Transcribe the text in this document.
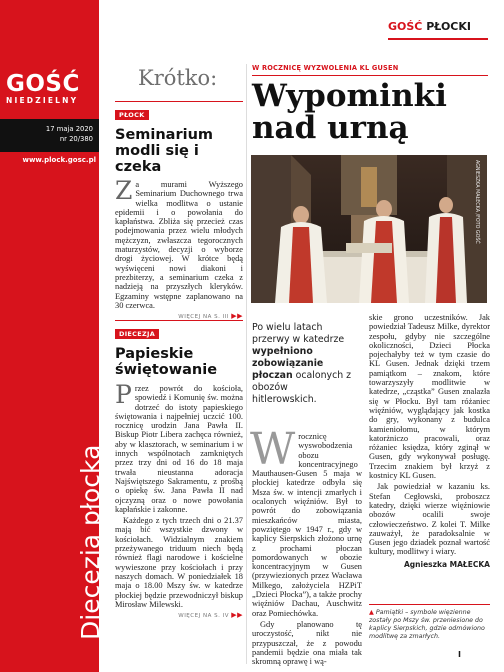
GOŚĆ
NIEDZIELNY
17 maja 2020
nr 20/380
www.plock.gosc.pl
Diecezja płocka
GOŚĆ PŁOCKI
Krótko:
PŁOCK
Seminarium modli się i czeka
Za murami Wyższego Seminarium Duchownego trwa wielka modlitwa o ustanie epidemii i o powołania do kapłaństwa. Zbliża się przecież czas podejmowania przez wielu młodych mężczyzn, zwłaszcza tegorocznych maturzystów, decyzji o wyborze drogi życiowej. W krótce będą wyświęceni nowi diakoni i prezbiterzy, a seminarium czeka z nadzieją na przyszłych kleryków. Egzaminy wstępne zaplanowano na 30 czerwca.
WIĘCEJ NA S. III ▶▶
DIECEZJA
Papieskie świętowanie

Przez powrót do kościoła, spowiedź i Komunię św. można dotrzeć do istoty papieskiego świętowania i najpełniej uczcić 100. rocznicę urodzin Jana Pawła II. Biskup Piotr Libera zachęca również, aby w klasztorach, w seminarium i w innych wspólnotach zamkniętych przez trzy dni od 16 do 18 maja trwała nieustanna adoracja Najświętszego Sakramentu, z prośbą o opiekę św. Jana Pawła II nad ojczyzną oraz o nowe powołania kapłańskie i zakonne.

Każdego z tych trzech dni o 21.37 mają bić wszystkie dzwony w kościołach. Widzialnym znakiem przeżywanego triduum niech będą również flagi narodowe i kościelne wywieszone przy kościołach i przy naszych domach. W poniedziałek 18 maja o 18.00 Mszy św. w katedrze płockiej będzie przewodniczył biskup Mirosław Milewski.

WIĘCEJ NA S. IV ▶▶
W ROCZNICĘ WYZWOLENIA KL GUSEN
Wypominki nad urną
AGNIESZKA MAŁECKA /FOTO GOŚĆ
Po wielu latach przerwy w katedrze wypełniono zobowiązanie płoczan ocalonych z obozów hitlerowskich.

Wrocznicę wyswobodzenia obozu koncentracyjnego Mauthausen-Gusen 5 maja w płockiej katedrze odbyła się Msza św. w intencji zmarłych i ocalonych więźniów. Był to powrót do zobowiązania mieszkańców miasta, powziętego w 1947 r., gdy w kaplicy Sierpskich złożono urnę z prochami płoczan pomordowanych w obozie koncentracyjnym w Gusen (przywiezionych przez Wacława Milkego, założyciela HZPiT „Dzieci Płocka”), a także prochy więźniów Dachau, Auschwitz oraz Pomiechówka.

Gdy planowano tę uroczystość, nikt nie przypuszczał, że z powodu pandemii będzie ona miała tak skromną oprawę i wą-

skie grono uczestników. Jak powiedział Tadeusz Milke, dyrektor zespołu, gdyby nie szczególne okoliczności, Dzieci Płocka pojechałyby też w tym czasie do KL Gusen. Jednak dzięki trzem pamiątkom – znakom, które towarzyszyły modlitwie w katedrze, „cząstka” Gusen znalazła się w Płocku. Był tam różaniec więźniów, wyglądający jak kostka do gry, wykonany z budulca kamieniołomu, w którym katorżniczo pracowali, oraz różaniec księdza, który zginął w Gusen, gdy wykonywał posługę. Trzecim znakiem był krzyż z kostnicy KL Gusen.

Jak powiedział w kazaniu ks. Stefan Cegłowski, proboszcz katedry, dzięki wierze więźniowie obozów ocalili swoje człowieczeństwo. Z kolei T. Milke zauważył, że paradoksalnie w Gusen jego dziadek poznał wartość kultury, modlitwy i wiary.

Agnieszka MAŁECKA
▲ Pamiątki – symbole więzienne zostały po Mszy św. przeniesione do kaplicy Sierpskich, gdzie odmówiono modlitwę za zmarłych.
I
